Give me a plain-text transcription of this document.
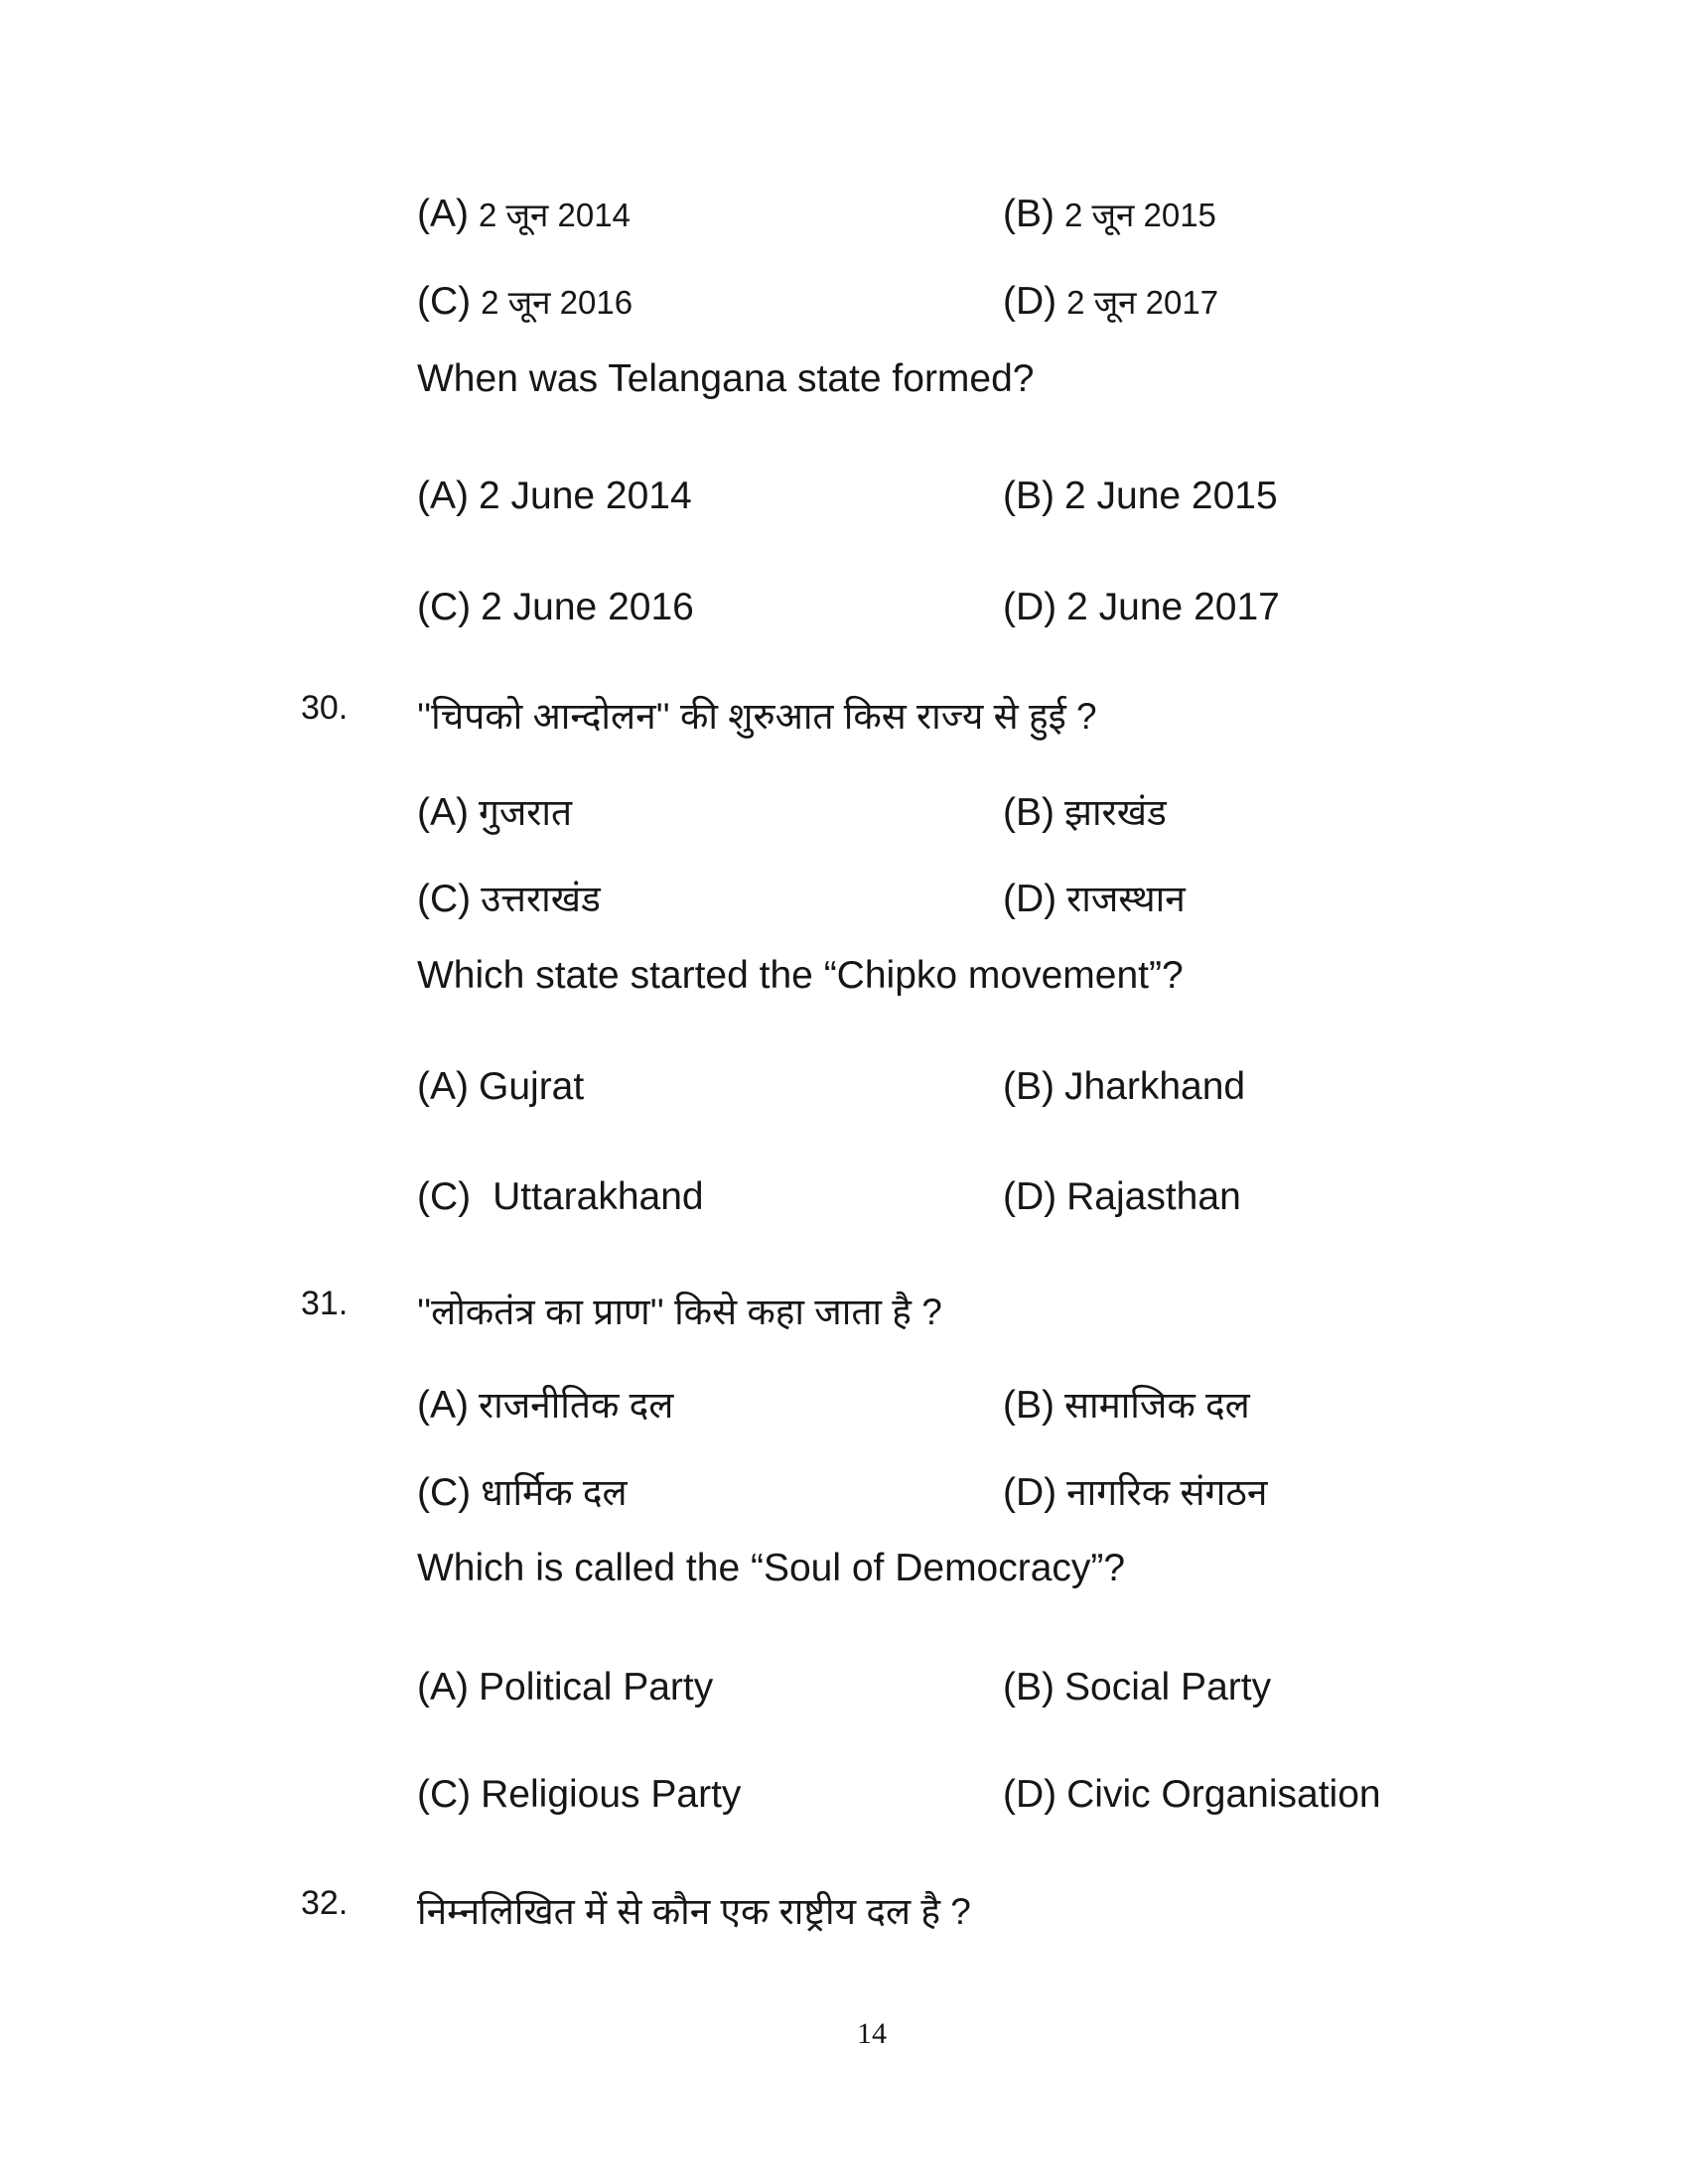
(A) 2 जून 2014	(B) 2 जून 2015
(C) 2 जून 2016	(D) 2 जून 2017
When was Telangana state formed?
(A) 2 June 2014	(B) 2 June 2015
(C) 2 June 2016	(D) 2 June 2017
30. ''चिपको आन्दोलन'' की शुरुआत किस राज्य से हुई ?
(A) गुजरात	(B) झारखंड
(C) उत्तराखंड	(D) राजस्थान
Which state started the “Chipko movement”?
(A) Gujrat	(B) Jharkhand
(C) Uttarakhand	(D) Rajasthan
31. ''लोकतंत्र का प्राण'' किसे कहा जाता है ?
(A) राजनीतिक दल	(B) सामाजिक दल
(C) धार्मिक दल	(D) नागरिक संगठन
Which is called the “Soul of Democracy”?
(A) Political Party	(B) Social Party
(C) Religious Party	(D) Civic Organisation
32. निम्नलिखित में से कौन एक राष्ट्रीय दल है ?
14
